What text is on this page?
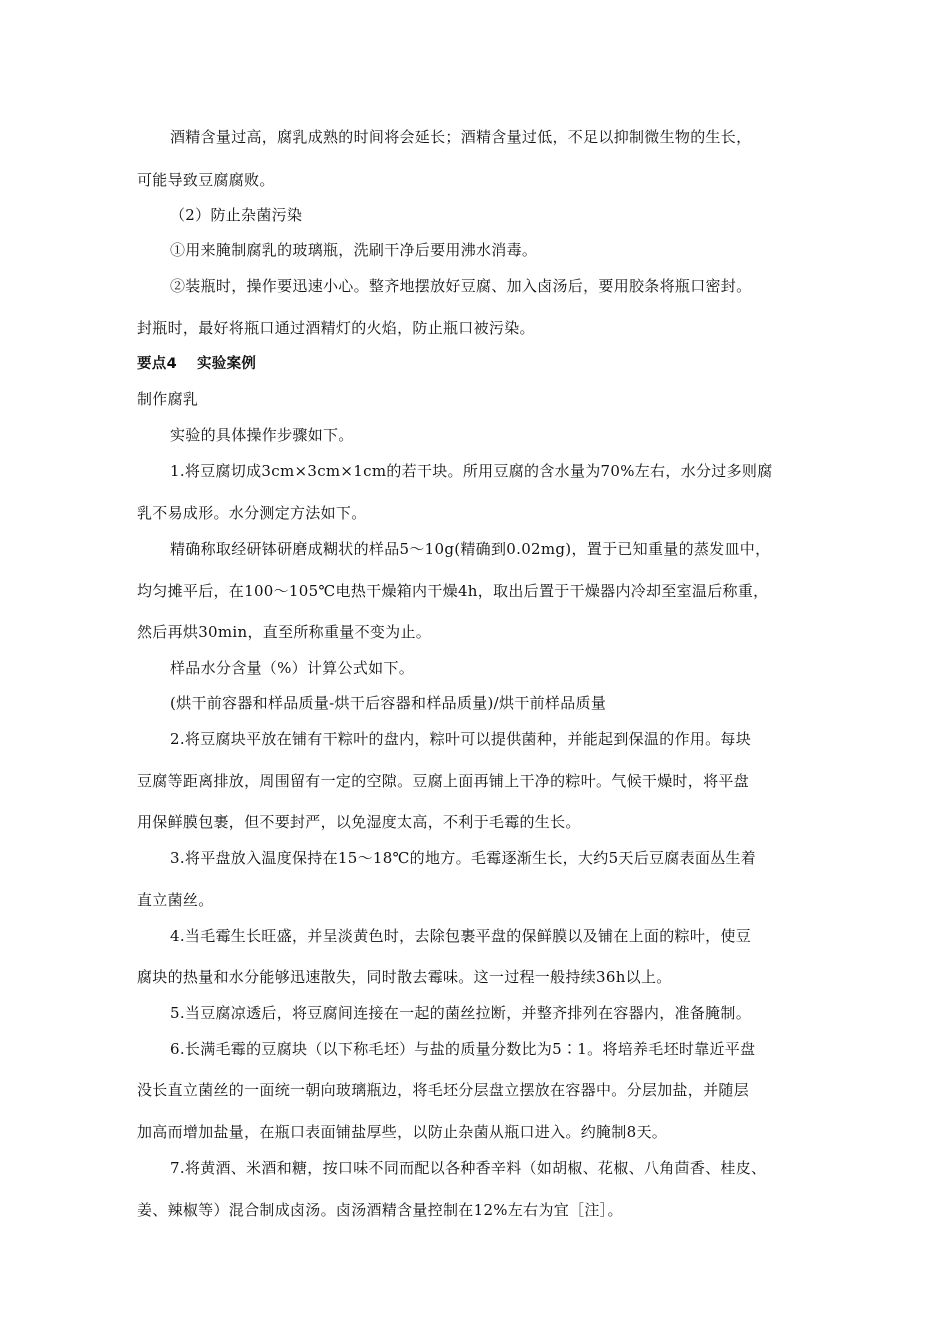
酒精含量过高，腐乳成熟的时间将会延长；酒精含量过低，不足以抑制微生物的生长，
可能导致豆腐腐败。
（2）防止杂菌污染
①用来腌制腐乳的玻璃瓶，洗刷干净后要用沸水消毒。
②装瓶时，操作要迅速小心。整齐地摆放好豆腐、加入卤汤后，要用胶条将瓶口密封。
封瓶时，最好将瓶口通过酒精灯的火焰，防止瓶口被污染。
要点4 实验案例
制作腐乳
实验的具体操作步骤如下。
1.将豆腐切成3cm×3cm×1cm的若干块。所用豆腐的含水量为70%左右，水分过多则腐
乳不易成形。水分测定方法如下。
精确称取经研钵研磨成糊状的样品5～10g(精确到0.02mg)，置于已知重量的蒸发皿中，
均匀摊平后，在100～105℃电热干燥箱内干燥4h，取出后置于干燥器内冷却至室温后称重，
然后再烘30min，直至所称重量不变为止。
样品水分含量（%）计算公式如下。
(烘干前容器和样品质量-烘干后容器和样品质量)/烘干前样品质量
2.将豆腐块平放在铺有干粽叶的盘内，粽叶可以提供菌种，并能起到保温的作用。每块
豆腐等距离排放，周围留有一定的空隙。豆腐上面再铺上干净的粽叶。气候干燥时，将平盘
用保鲜膜包裹，但不要封严，以免湿度太高，不利于毛霉的生长。
3.将平盘放入温度保持在15～18℃的地方。毛霉逐渐生长，大约5天后豆腐表面丛生着
直立菌丝。
4.当毛霉生长旺盛，并呈淡黄色时，去除包裹平盘的保鲜膜以及铺在上面的粽叶，使豆
腐块的热量和水分能够迅速散失，同时散去霉味。这一过程一般持续36h以上。
5.当豆腐凉透后，将豆腐间连接在一起的菌丝拉断，并整齐排列在容器内，准备腌制。
6.长满毛霉的豆腐块（以下称毛坯）与盐的质量分数比为5∶1。将培养毛坯时靠近平盘
没长直立菌丝的一面统一朝向玻璃瓶边，将毛坯分层盘立摆放在容器中。分层加盐，并随层
加高而增加盐量，在瓶口表面铺盐厚些，以防止杂菌从瓶口进入。约腌制8天。
7.将黄酒、米酒和糖，按口味不同而配以各种香辛料（如胡椒、花椒、八角茴香、桂皮、
姜、辣椒等）混合制成卤汤。卤汤酒精含量控制在12%左右为宜［注］。
